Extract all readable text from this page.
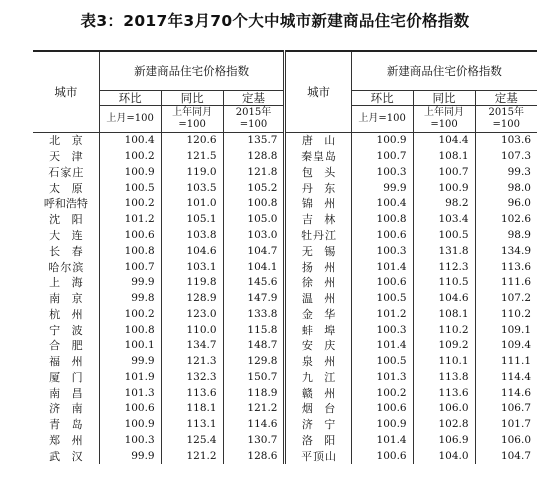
表3：2017年3月70个大中城市新建商品住宅价格指数
城市	新建商品住宅价格指数			城市	新建商品住宅价格指数		
	环比	同比	定基		环比	同比	定基
	上月=100	上年同月=100	2015年=100		上月=100	上年同月=100	2015年=100
北 京	100.4	120.6	135.7	唐 山	100.9	104.4	103.6
天 津	100.2	121.5	128.8	秦皇岛	100.7	108.1	107.3
石家庄	100.9	119.0	121.8	包 头	100.3	100.7	99.3
太 原	100.5	103.5	105.2	丹 东	99.9	100.9	98.0
呼和浩特	100.2	101.0	100.8	锦 州	100.4	98.2	96.0
沈 阳	101.2	105.1	105.0	吉 林	100.8	103.4	102.6
大 连	100.6	103.8	103.0	牡丹江	100.6	100.5	98.9
长 春	100.8	104.6	104.7	无 锡	100.3	131.8	134.9
哈尔滨	100.7	103.1	104.1	扬 州	101.4	112.3	113.6
上 海	99.9	119.8	145.6	徐 州	100.6	110.5	111.6
南 京	99.8	128.9	147.9	温 州	100.5	104.6	107.2
杭 州	100.2	123.0	133.8	金 华	101.2	108.1	110.2
宁 波	100.8	110.0	115.8	蚌 埠	100.3	110.2	109.1
合 肥	100.1	134.7	148.7	安 庆	101.4	109.2	109.4
福 州	99.9	121.3	129.8	泉 州	100.5	110.1	111.1
厦 门	101.9	132.3	150.7	九 江	101.3	113.8	114.4
南 昌	101.3	113.6	118.9	赣 州	100.2	113.6	114.6
济 南	100.6	118.1	121.2	烟 台	100.6	106.0	106.7
青 岛	100.9	113.1	114.6	济 宁	100.9	102.8	101.7
郑 州	100.3	125.4	130.7	洛 阳	101.4	106.9	106.0
武 汉	99.9	121.2	128.6	平顶山	100.6	104.0	104.7
